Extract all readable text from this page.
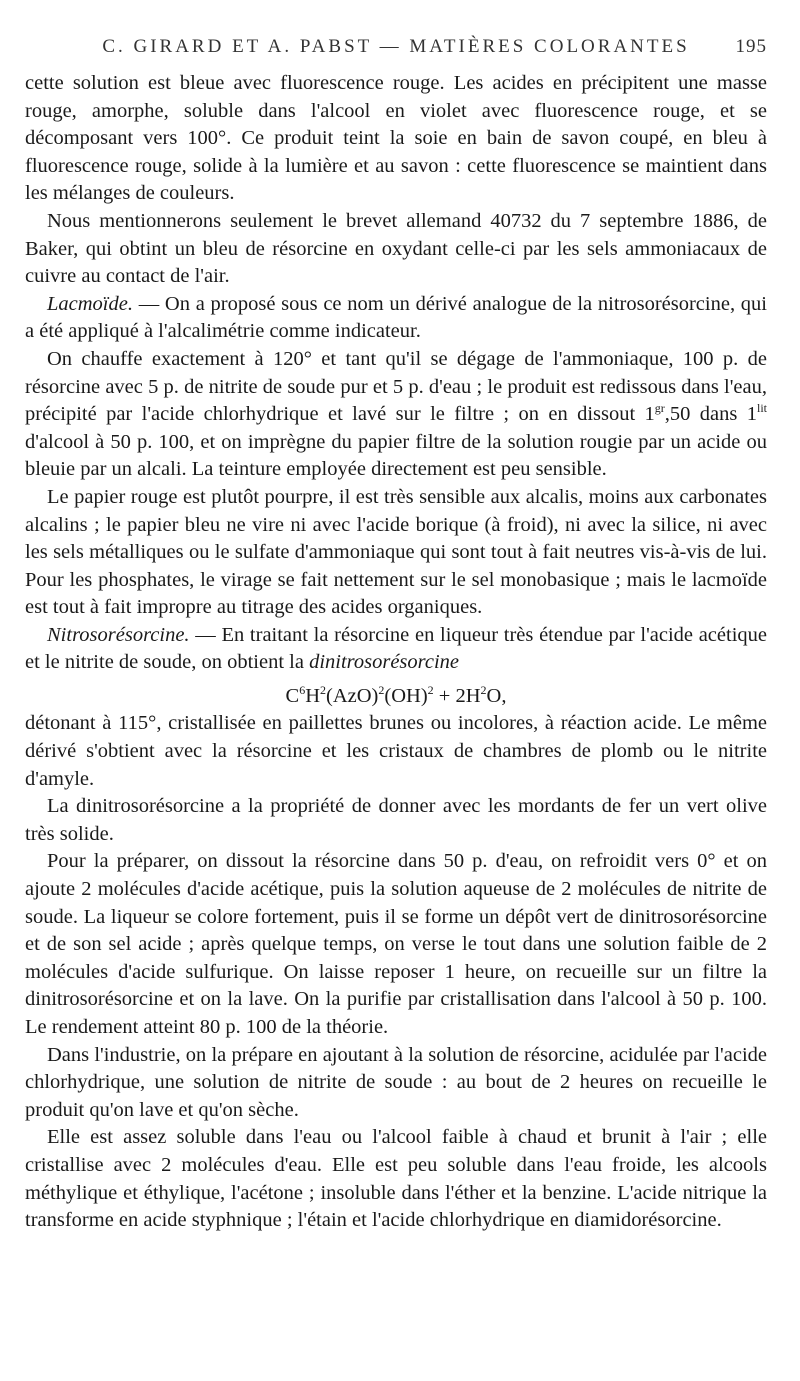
C. GIRARD ET A. PABST — MATIÈRES COLORANTES	195

cette solution est bleue avec fluorescence rouge. Les acides en précipitent une masse rouge, amorphe, soluble dans l'alcool en violet avec fluorescence rouge, et se décomposant vers 100°. Ce produit teint la soie en bain de savon coupé, en bleu à fluorescence rouge, solide à la lumière et au savon : cette fluorescence se maintient dans les mélanges de couleurs.

Nous mentionnerons seulement le brevet allemand 40732 du 7 septembre 1886, de Baker, qui obtint un bleu de résorcine en oxydant celle-ci par les sels ammoniacaux de cuivre au contact de l'air.

Lacmoïde. — On a proposé sous ce nom un dérivé analogue de la nitrosorésorcine, qui a été appliqué à l'alcalimétrie comme indicateur.

On chauffe exactement à 120° et tant qu'il se dégage de l'ammoniaque, 100 p. de résorcine avec 5 p. de nitrite de soude pur et 5 p. d'eau ; le produit est redissous dans l'eau, précipité par l'acide chlorhydrique et lavé sur le filtre ; on en dissout $1^{gr},50$ dans $1^{lit}$ d'alcool à 50 p. 100, et on imprègne du papier filtre de la solution rougie par un acide ou bleuie par un alcali. La teinture employée directement est peu sensible.

Le papier rouge est plutôt pourpre, il est très sensible aux alcalis, moins aux carbonates alcalins ; le papier bleu ne vire ni avec l'acide borique (à froid), ni avec la silice, ni avec les sels métalliques ou le sulfate d'ammoniaque qui sont tout à fait neutres vis-à-vis de lui. Pour les phosphates, le virage se fait nettement sur le sel monobasique ; mais le lacmoïde est tout à fait impropre au titrage des acides organiques.

Nitrosorésorcine. — En traitant la résorcine en liqueur très étendue par l'acide acétique et le nitrite de soude, on obtient la dinitrosorésorcine

$C^6H^2(AzO)^2(OH)^2 + 2H^2O$,

détonant à 115°, cristallisée en paillettes brunes ou incolores, à réaction acide. Le même dérivé s'obtient avec la résorcine et les cristaux de chambres de plomb ou le nitrite d'amyle.

La dinitrosorésorcine a la propriété de donner avec les mordants de fer un vert olive très solide.

Pour la préparer, on dissout la résorcine dans 50 p. d'eau, on refroidit vers 0° et on ajoute 2 molécules d'acide acétique, puis la solution aqueuse de 2 molécules de nitrite de soude. La liqueur se colore fortement, puis il se forme un dépôt vert de dinitrosorésorcine et de son sel acide ; après quelque temps, on verse le tout dans une solution faible de 2 molécules d'acide sulfurique. On laisse reposer 1 heure, on recueille sur un filtre la dinitrosorésorcine et on la lave. On la purifie par cristallisation dans l'alcool à 50 p. 100. Le rendement atteint 80 p. 100 de la théorie.

Dans l'industrie, on la prépare en ajoutant à la solution de résorcine, acidulée par l'acide chlorhydrique, une solution de nitrite de soude : au bout de 2 heures on recueille le produit qu'on lave et qu'on sèche.

Elle est assez soluble dans l'eau ou l'alcool faible à chaud et brunit à l'air ; elle cristallise avec 2 molécules d'eau. Elle est peu soluble dans l'eau froide, les alcools méthylique et éthylique, l'acétone ; insoluble dans l'éther et la benzine. L'acide nitrique la transforme en acide styphnique ; l'étain et l'acide chlorhydrique en diamidorésorcine.
